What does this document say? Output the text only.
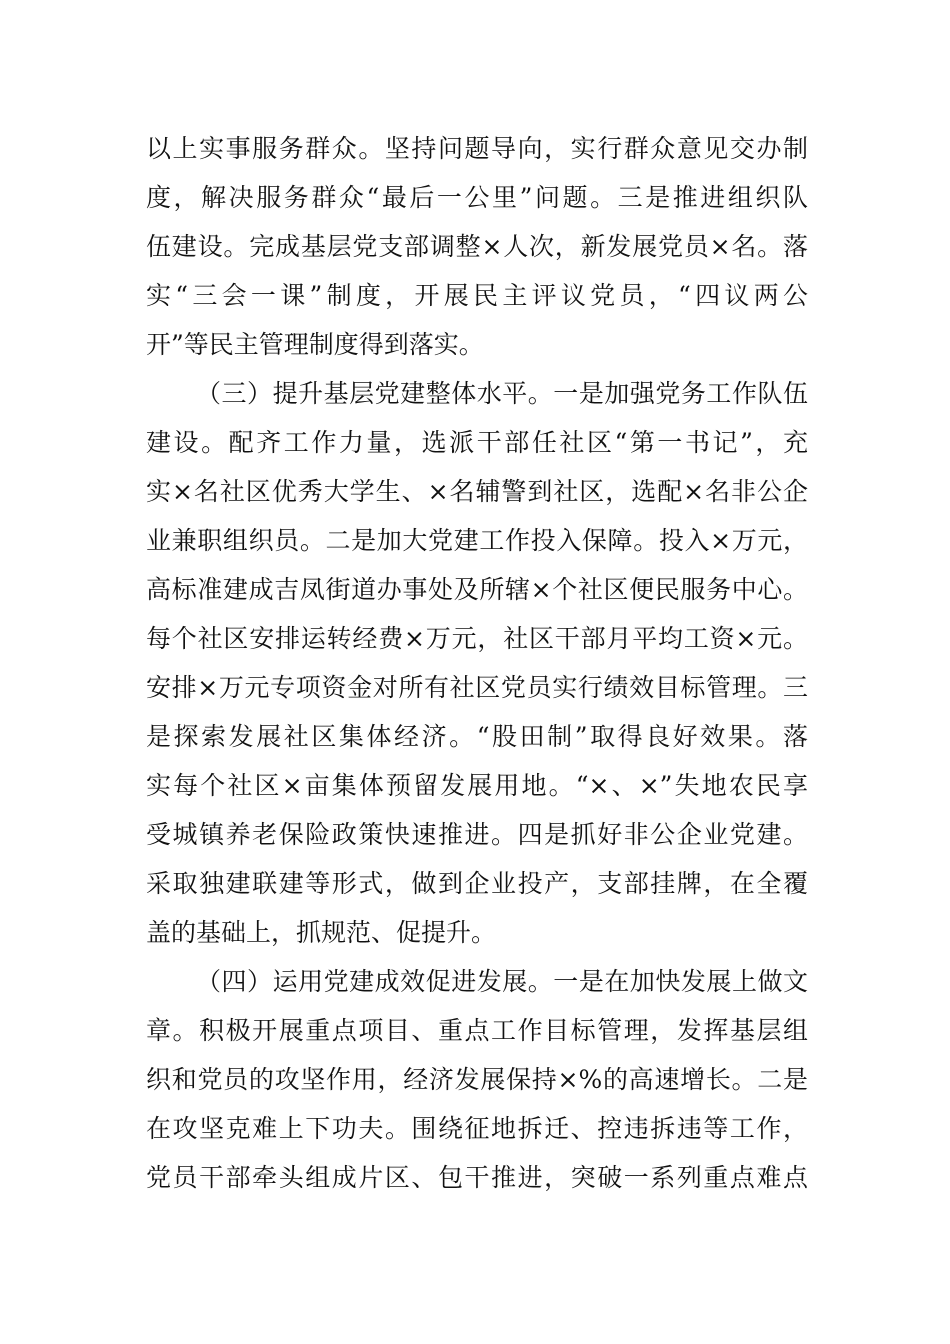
以上实事服务群众。坚持问题导向，实行群众意见交办制
度，解决服务群众“最后一公里”问题。三是推进组织队
伍建设。完成基层党支部调整×人次，新发展党员×名。落
实“三会一课”制度，开展民主评议党员，“四议两公
开”等民主管理制度得到落实。
（三）提升基层党建整体水平。一是加强党务工作队伍
建设。配齐工作力量，选派干部任社区“第一书记”，充
实×名社区优秀大学生、×名辅警到社区，选配×名非公企
业兼职组织员。二是加大党建工作投入保障。投入×万元，
高标准建成吉凤街道办事处及所辖×个社区便民服务中心。
每个社区安排运转经费×万元，社区干部月平均工资×元。
安排×万元专项资金对所有社区党员实行绩效目标管理。三
是探索发展社区集体经济。“股田制”取得良好效果。落
实每个社区×亩集体预留发展用地。“×、×”失地农民享
受城镇养老保险政策快速推进。四是抓好非公企业党建。
采取独建联建等形式，做到企业投产，支部挂牌，在全覆
盖的基础上，抓规范、促提升。
（四）运用党建成效促进发展。一是在加快发展上做文
章。积极开展重点项目、重点工作目标管理，发挥基层组
织和党员的攻坚作用，经济发展保持×%的高速增长。二是
在攻坚克难上下功夫。围绕征地拆迁、控违拆违等工作，
党员干部牵头组成片区、包干推进，突破一系列重点难点
